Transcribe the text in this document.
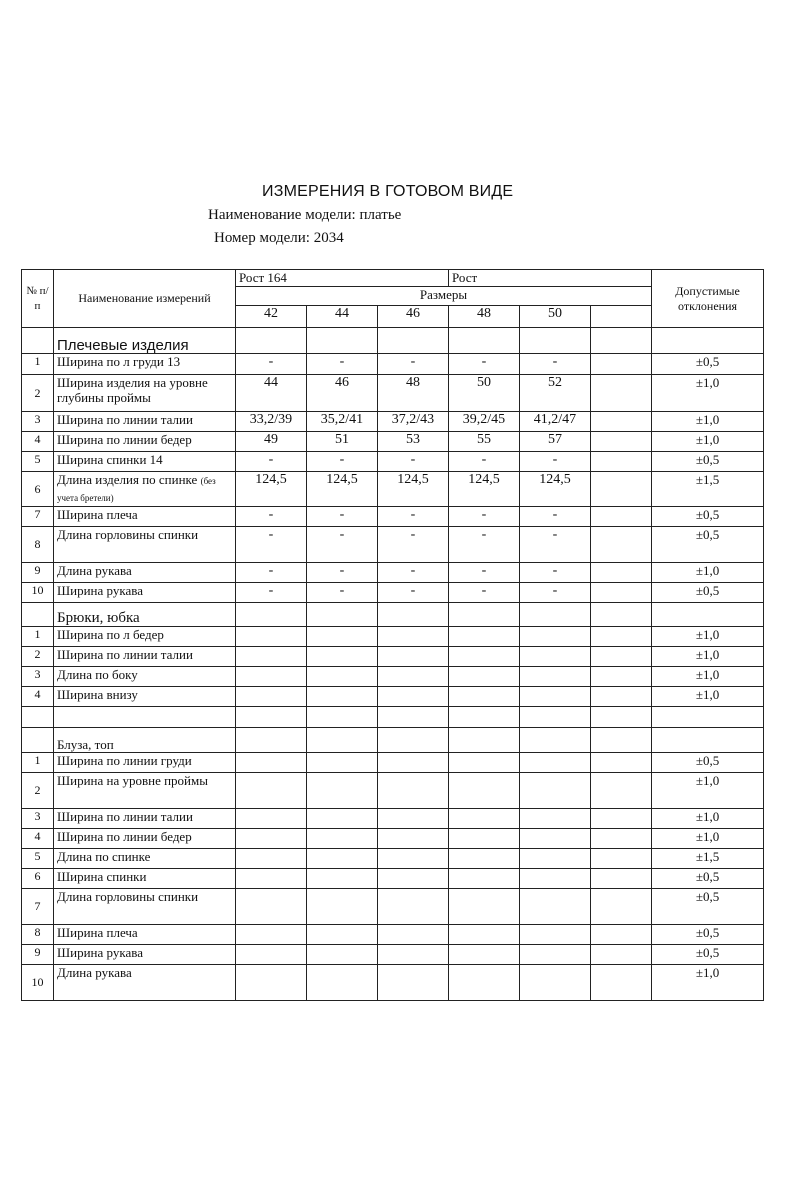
ИЗМЕРЕНИЯ В ГОТОВОМ ВИДЕ
Наименование модели: платье
Номер модели: 2034
№ п/ п	Наименование измерений	Рост 164			Рост			Допустимые отклонения
		Размеры						
		42	44	46	48	50		
	Плечевые изделия							
1	Ширина по л груди 13	-	-	-	-	-		±0,5
2	Ширина изделия на уровне глубины проймы	44	46	48	50	52		±1,0
3	Ширина по линии талии	33,2/39	35,2/41	37,2/43	39,2/45	41,2/47		±1,0
4	Ширина по линии бедер	49	51	53	55	57		±1,0
5	Ширина спинки 14	-	-	-	-	-		±0,5
6	Длина изделия по спинке (без учета бретели)	124,5	124,5	124,5	124,5	124,5		±1,5
7	Ширина плеча	-	-	-	-	-		±0,5
8	Длина горловины спинки	-	-	-	-	-		±0,5
9	Длина рукава	-	-	-	-	-		±1,0
10	Ширина рукава	-	-	-	-	-		±0,5
	Брюки, юбка							
1	Ширина по л бедер							±1,0
2	Ширина по линии талии							±1,0
3	Длина по боку							±1,0
4	Ширина внизу							±1,0

	Блуза, топ							
1	Ширина по линии груди							±0,5
2	Ширина на уровне проймы							±1,0
3	Ширина по линии талии							±1,0
4	Ширина по линии бедер							±1,0
5	Длина по спинке							±1,5
6	Ширина спинки							±0,5
7	Длина горловины спинки							±0,5
8	Ширина плеча							±0,5
9	Ширина рукава							±0,5
10	Длина рукава							±1,0
